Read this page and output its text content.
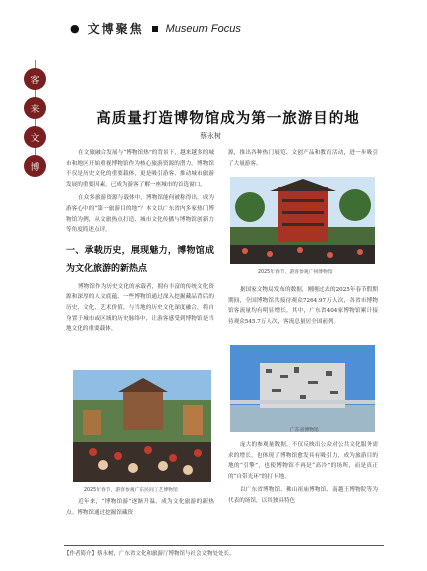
● 文博聚焦 Museum Focus
客
来
文
博
高质量打造博物馆成为第一旅游目的地
蔡永树

在文旅融合发展与“博物馆热”的背景下，越来越多的城市和地区开始重视博物馆作为核心旅游资源的潜力。博物馆不仅是历史文化的重要载体，更是吸引游客、推动城市旅游发展的重要因素，已成为游客了解一座城市的首选窗口。

在众多旅游资源与载体中，博物馆能何被称得出，成为游客心中的“第一旅游目的地”？本文以广东省内多家热门博物馆为例，从文旅热点打造、城市文化传播与博物馆创新力等角度简述点评。

一、承载历史，展现魅力，博物馆成为文化旅游的新热点

博物馆作为历史文化的承载者，拥有丰富的传统文化资源和深厚的人文底蕴，一些博物馆通过深入挖掘藏品背后的历史、文化、艺术价值，与当地的历史文化深度融合，将自身置于城市或区域的历史脉络中，让游客感受到博物馆是当地文化的重要载体。

2025年春节，游客参观广东民间工艺博物馆

近年来，“博物馆游”逐渐升温，成为文化旅游的新热点。博物馆通过挖掘馆藏资

源，推出各种热门展览、文创产品和教育活动，进一步吸引了大量游客。

2025年春节，游客参观广州博物馆

据国家文物局发布的数据，刚刚过去的2025年春节假期期间，全国博物馆共接待观众7264.97万人次，各省市博物馆客流量均有明显增长。其中，广东省404家博物馆累计接待观众545.7万人次，客流总量居全国前列。

广东省博物馆

庞大的参观量数据，不仅反映出公众对公共文化服务需求的增长，也体现了博物馆愈发具有吸引力，成为旅游目的地的“引擎”，也使博物馆不再是“高冷”的场所，而是真正的“自带光环”的打卡地。

以广东省博物馆、佛山祖庙博物馆、南越王博物院等为代表的场馆，以其独具特色

【作者简介】蔡永树，广东省文化和旅游厅博物馆与社会文物处处长。
